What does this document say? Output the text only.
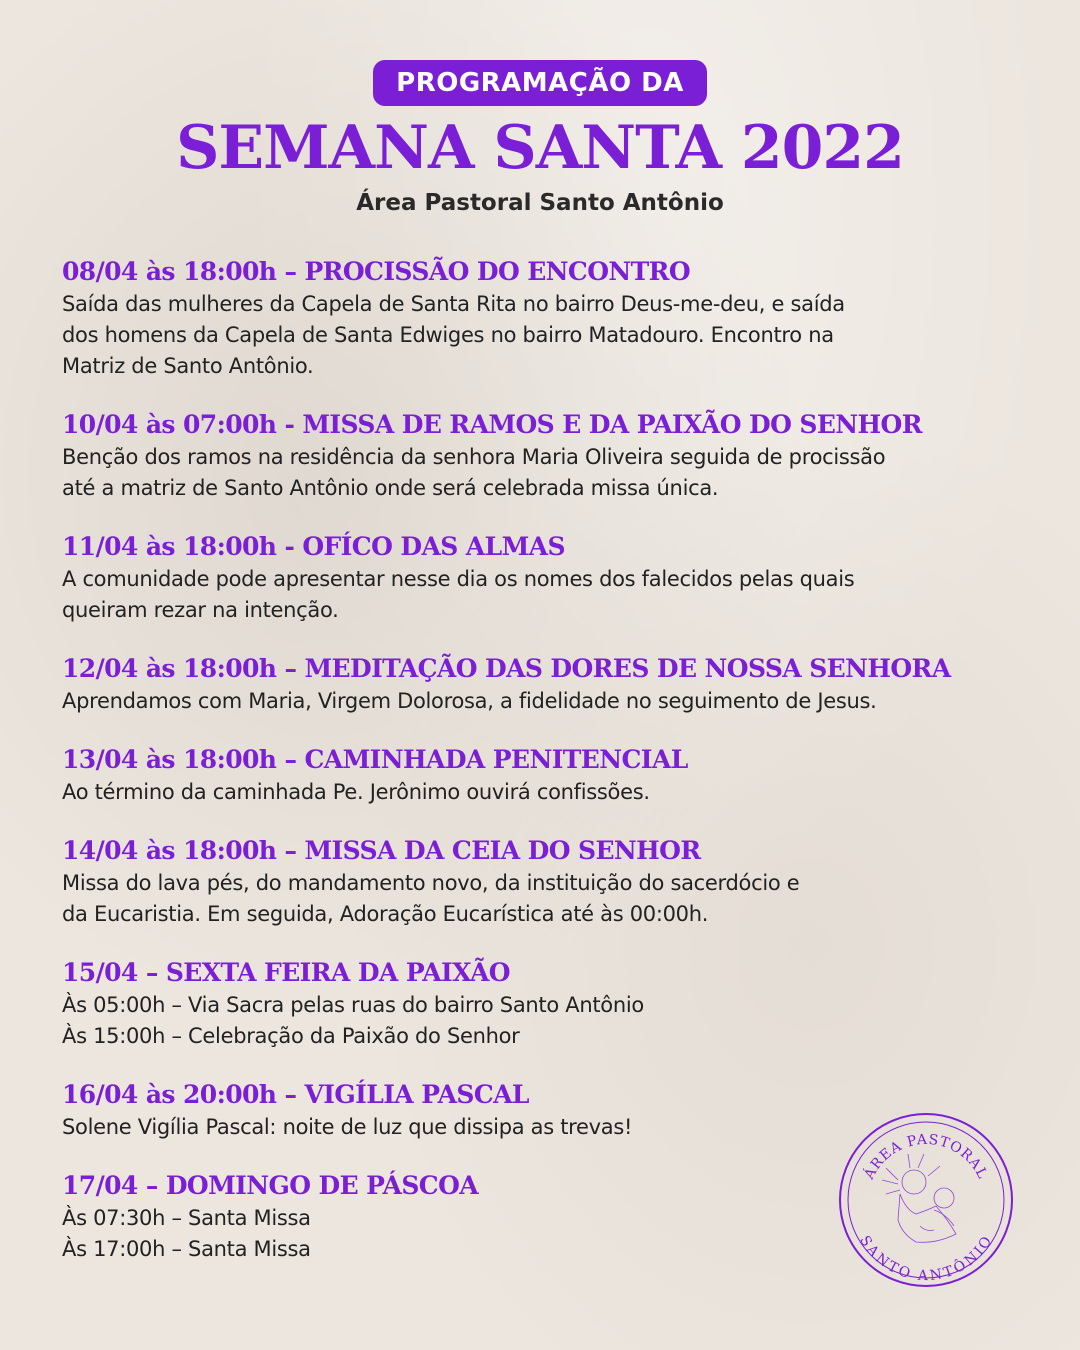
PROGRAMAÇÃO DA
SEMANA SANTA 2022
Área Pastoral Santo Antônio
08/04 às 18:00h – PROCISSÃO DO ENCONTRO
Saída das mulheres da Capela de Santa Rita no bairro Deus-me-deu, e saída
dos homens da Capela de Santa Edwiges no bairro Matadouro. Encontro na
Matriz de Santo Antônio.
10/04 às 07:00h - MISSA DE RAMOS E DA PAIXÃO DO SENHOR
Benção dos ramos na residência da senhora Maria Oliveira seguida de procissão
até a matriz de Santo Antônio onde será celebrada missa única.
11/04 às 18:00h - OFÍCO DAS ALMAS
A comunidade pode apresentar nesse dia os nomes dos falecidos pelas quais
queiram rezar na intenção.
12/04 às 18:00h – MEDITAÇÃO DAS DORES DE NOSSA SENHORA
Aprendamos com Maria, Virgem Dolorosa, a fidelidade no seguimento de Jesus.
13/04 às 18:00h – CAMINHADA PENITENCIAL
Ao término da caminhada Pe. Jerônimo ouvirá confissões.
14/04 às 18:00h – MISSA DA CEIA DO SENHOR
Missa do lava pés, do mandamento novo, da instituição do sacerdócio e
da Eucaristia. Em seguida, Adoração Eucarística até às 00:00h.
15/04 – SEXTA FEIRA DA PAIXÃO
Às 05:00h – Via Sacra pelas ruas do bairro Santo Antônio
Às 15:00h – Celebração da Paixão do Senhor
16/04 às 20:00h – VIGÍLIA PASCAL
Solene Vigília Pascal: noite de luz que dissipa as trevas!
17/04 – DOMINGO DE PÁSCOA
Às 07:30h – Santa Missa
Às 17:00h – Santa Missa
ÁREA PASTORAL
SANTO ANTÔNIO
